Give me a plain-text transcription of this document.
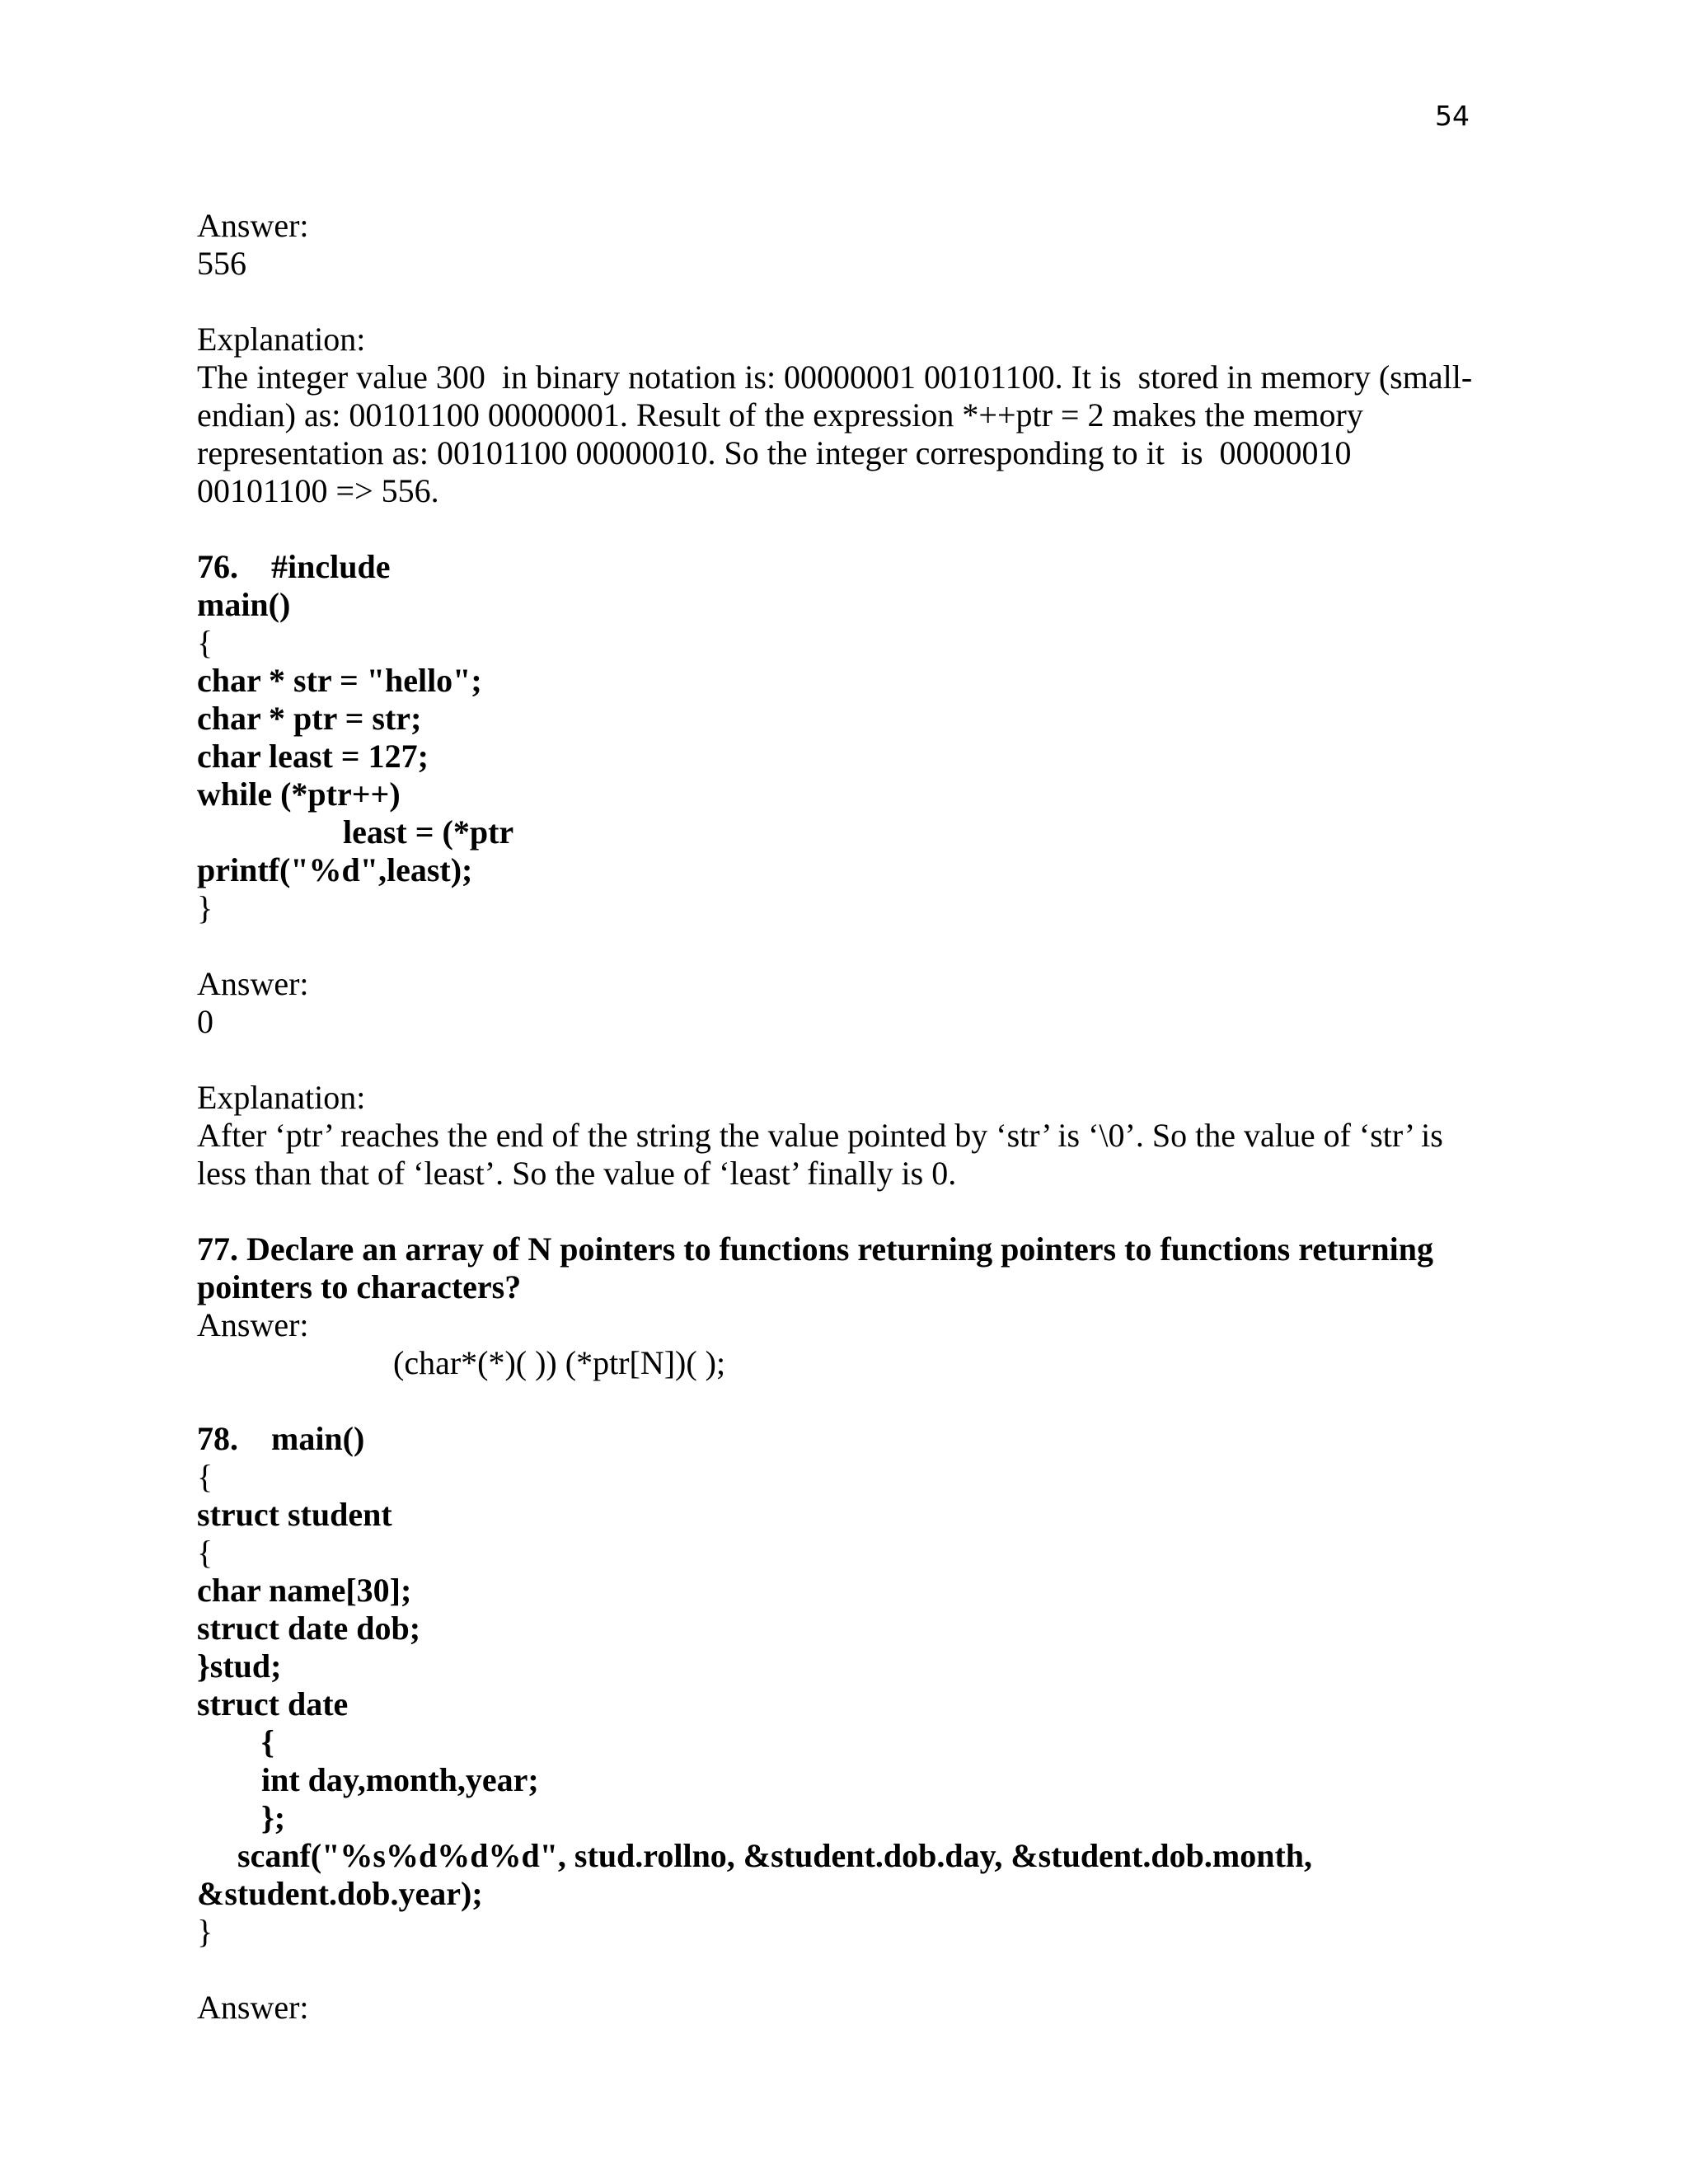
54
Answer:
556
Explanation:
The integer value 300  in binary notation is: 00000001 00101100. It is  stored in memory (small-
endian) as: 00101100 00000001. Result of the expression *++ptr = 2 makes the memory
representation as: 00101100 00000010. So the integer corresponding to it  is  00000010
00101100 => 556.
76.    #include
main()
{
char * str = "hello";
char * ptr = str;
char least = 127;
while (*ptr++)
least = (*ptr
printf("%d",least);
}
Answer:
0
Explanation:
After ‘ptr’ reaches the end of the string the value pointed by ‘str’ is ‘\0’. So the value of ‘str’ is
less than that of ‘least’. So the value of ‘least’ finally is 0.
77. Declare an array of N pointers to functions returning pointers to functions returning
pointers to characters?
Answer:
(char*(*)( )) (*ptr[N])( );
78.    main()
{
struct student
{
char name[30];
struct date dob;
}stud;
struct date
{
int day,month,year;
};
scanf("%s%d%d%d", stud.rollno, &student.dob.day, &student.dob.month,
&student.dob.year);
}
Answer:
